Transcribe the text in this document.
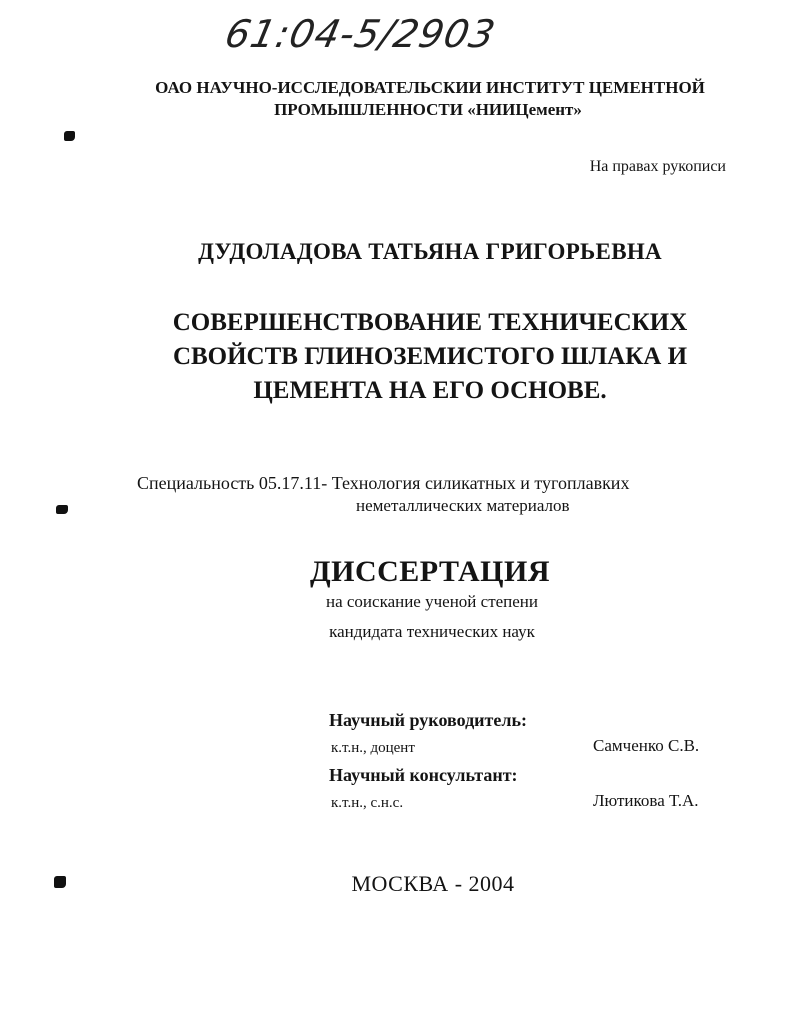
61:04-5/2903
ОАО НАУЧНО-ИССЛЕДОВАТЕЛЬСКИИ ИНСТИТУТ ЦЕМЕНТНОЙ
ПРОМЫШЛЕННОСТИ «НИИЦемент»
На правах рукописи
ДУДОЛАДОВА ТАТЬЯНА ГРИГОРЬЕВНА
СОВЕРШЕНСТВОВАНИЕ ТЕХНИЧЕСКИХ
СВОЙСТВ ГЛИНОЗЕМИСТОГО ШЛАКА И
ЦЕМЕНТА НА ЕГО ОСНОВЕ.
Специальность 05.17.11- Технология силикатных и тугоплавких
неметаллических материалов
ДИССЕРТАЦИЯ
на соискание ученой степени
кандидата технических наук
Научный руководитель:
к.т.н., доцент	Самченко С.В.
Научный консультант:
к.т.н., с.н.с.	Лютикова Т.А.
МОСКВА - 2004
